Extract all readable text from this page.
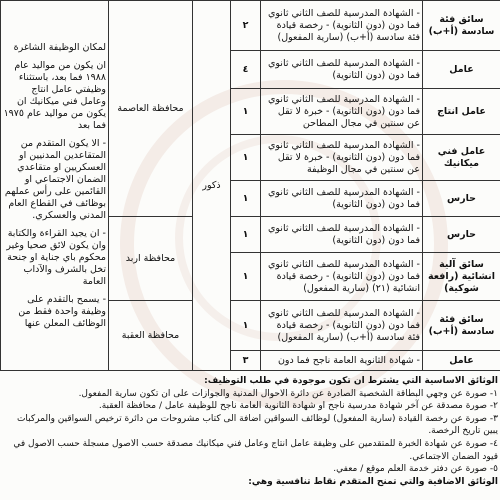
سائق فئة سادسة (أ+ب)	- الشهادة المدرسية للصف الثاني ثانوي فما دون (دون الثانوية) - رخصة قيادة فئة سادسة (أ+ب) (سارية المفعول)	٢	ذكور	محافظة العاصمة	لمكان الوظيفة الشاغرة
ان يكون من مواليد عام ١٩٨٨ فما بعد، باستثناء وظيفتي عامل انتاج وعامل فني ميكانيك ان يكون من مواليد عام ١٩٧٥ فما بعد
- الا يكون المتقدم من المتقاعدين المدنيين او العسكريين او متقاعدي الضمان الاجتماعي او القائمين على رأس عملهم بوظائف في القطاع العام المدني والعسكري.
- ان يجيد القراءة والكتابة وان يكون لائق صحيا وغير محكوم باي جناية او جنحة تخل بالشرف والآداب العامة
- يسمح بالتقدم على وظيفة واحدة فقط من الوظائف المعلن عنها

عامل	- الشهادة المدرسية للصف الثاني ثانوي فما دون (دون الثانوية)	٤			
عامل انتاج	- الشهادة المدرسية للصف الثاني ثانوي فما دون (دون الثانوية) - خبرة لا تقل عن سنتين في مجال المطاحن	١			
عامل فني ميكانيك	- الشهادة المدرسية للصف الثاني ثانوي فما دون (دون الثانوية) - خبرة لا تقل عن سنتين في مجال الوظيفة	١			
حارس	- الشهادة المدرسية للصف الثاني ثانوي فما دون (دون الثانوية)	١			
حارس	- الشهادة المدرسية للصف الثاني ثانوي فما دون (دون الثانوية)	١		محافظة اربد	
سائق آلية انشائية (رافعة شوكية)	- الشهادة المدرسية للصف الثاني ثانوي فما دون (دون الثانوية) - رخصة قيادة انشائية (٢١) (سارية المفعول)	١			
سائق فئة سادسة (أ+ب)	- الشهادة المدرسية للصف الثاني ثانوي فما دون (دون الثانوية) - رخصة قيادة فئة سادسة (أ+ب) (سارية المفعول)	١		محافظة العقبة	
عامل	- شهادة الثانوية العامة ناجح فما دون	٣			
الوثائق الاساسية التي يشترط ان تكون موجودة في طلب التوظيف:
١- صورة عن وجهي البطاقة الشخصية الصادرة عن دائرة الاحوال المدنية والجوازات على ان تكون سارية المفعول.
٢- صورة مصدقة عن آخر شهادة مدرسية ناجح او شهادة الثانوية العامة ناجح للوظيفة عامل / محافظة العقبة.
٣- صورة عن رخصة القيادة (سارية المفعول) لوظائف السواقين اضافة الى كتاب مشروحات من دائرة ترخيص السواقين والمركبات يبين تاريخ الرخصة.
٤- صورة عن شهادة الخبرة للمتقدمين على وظيفة عامل انتاج وعامل فني ميكانيك مصدقة حسب الاصول مسجلة حسب الاصول في قيود الضمان الاجتماعي.
٥- صورة عن دفتر خدمة العلم موقع / معفي.
الوثائق الاضافية والتي تمنح المتقدم نقاط تنافسية وهي:
